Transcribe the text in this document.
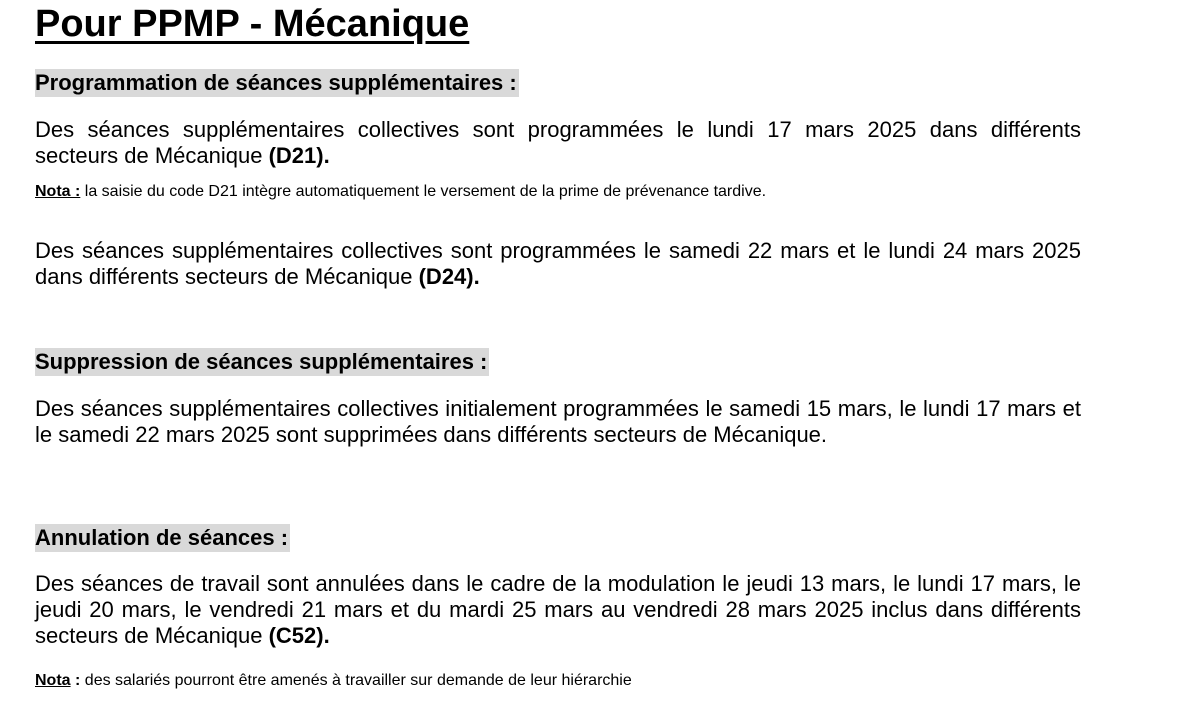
Pour PPMP - Mécanique
Programmation de séances supplémentaires :

Des séances supplémentaires collectives sont programmées le lundi 17 mars 2025 dans différents secteurs de Mécanique (D21).

Nota : la saisie du code D21 intègre automatiquement le versement de la prime de prévenance tardive.

Des séances supplémentaires collectives sont programmées le samedi 22 mars et le lundi 24 mars 2025 dans différents secteurs de Mécanique (D24).

Suppression de séances supplémentaires :

Des séances supplémentaires collectives initialement programmées le samedi 15 mars, le lundi 17 mars et le samedi 22 mars 2025 sont supprimées dans différents secteurs de Mécanique.

Annulation de séances :

Des séances de travail sont annulées dans le cadre de la modulation le jeudi 13 mars, le lundi 17 mars, le jeudi 20 mars, le vendredi 21 mars et du mardi 25 mars au vendredi 28 mars 2025 inclus dans différents secteurs de Mécanique (C52).

Nota : des salariés pourront être amenés à travailler sur demande de leur hiérarchie
